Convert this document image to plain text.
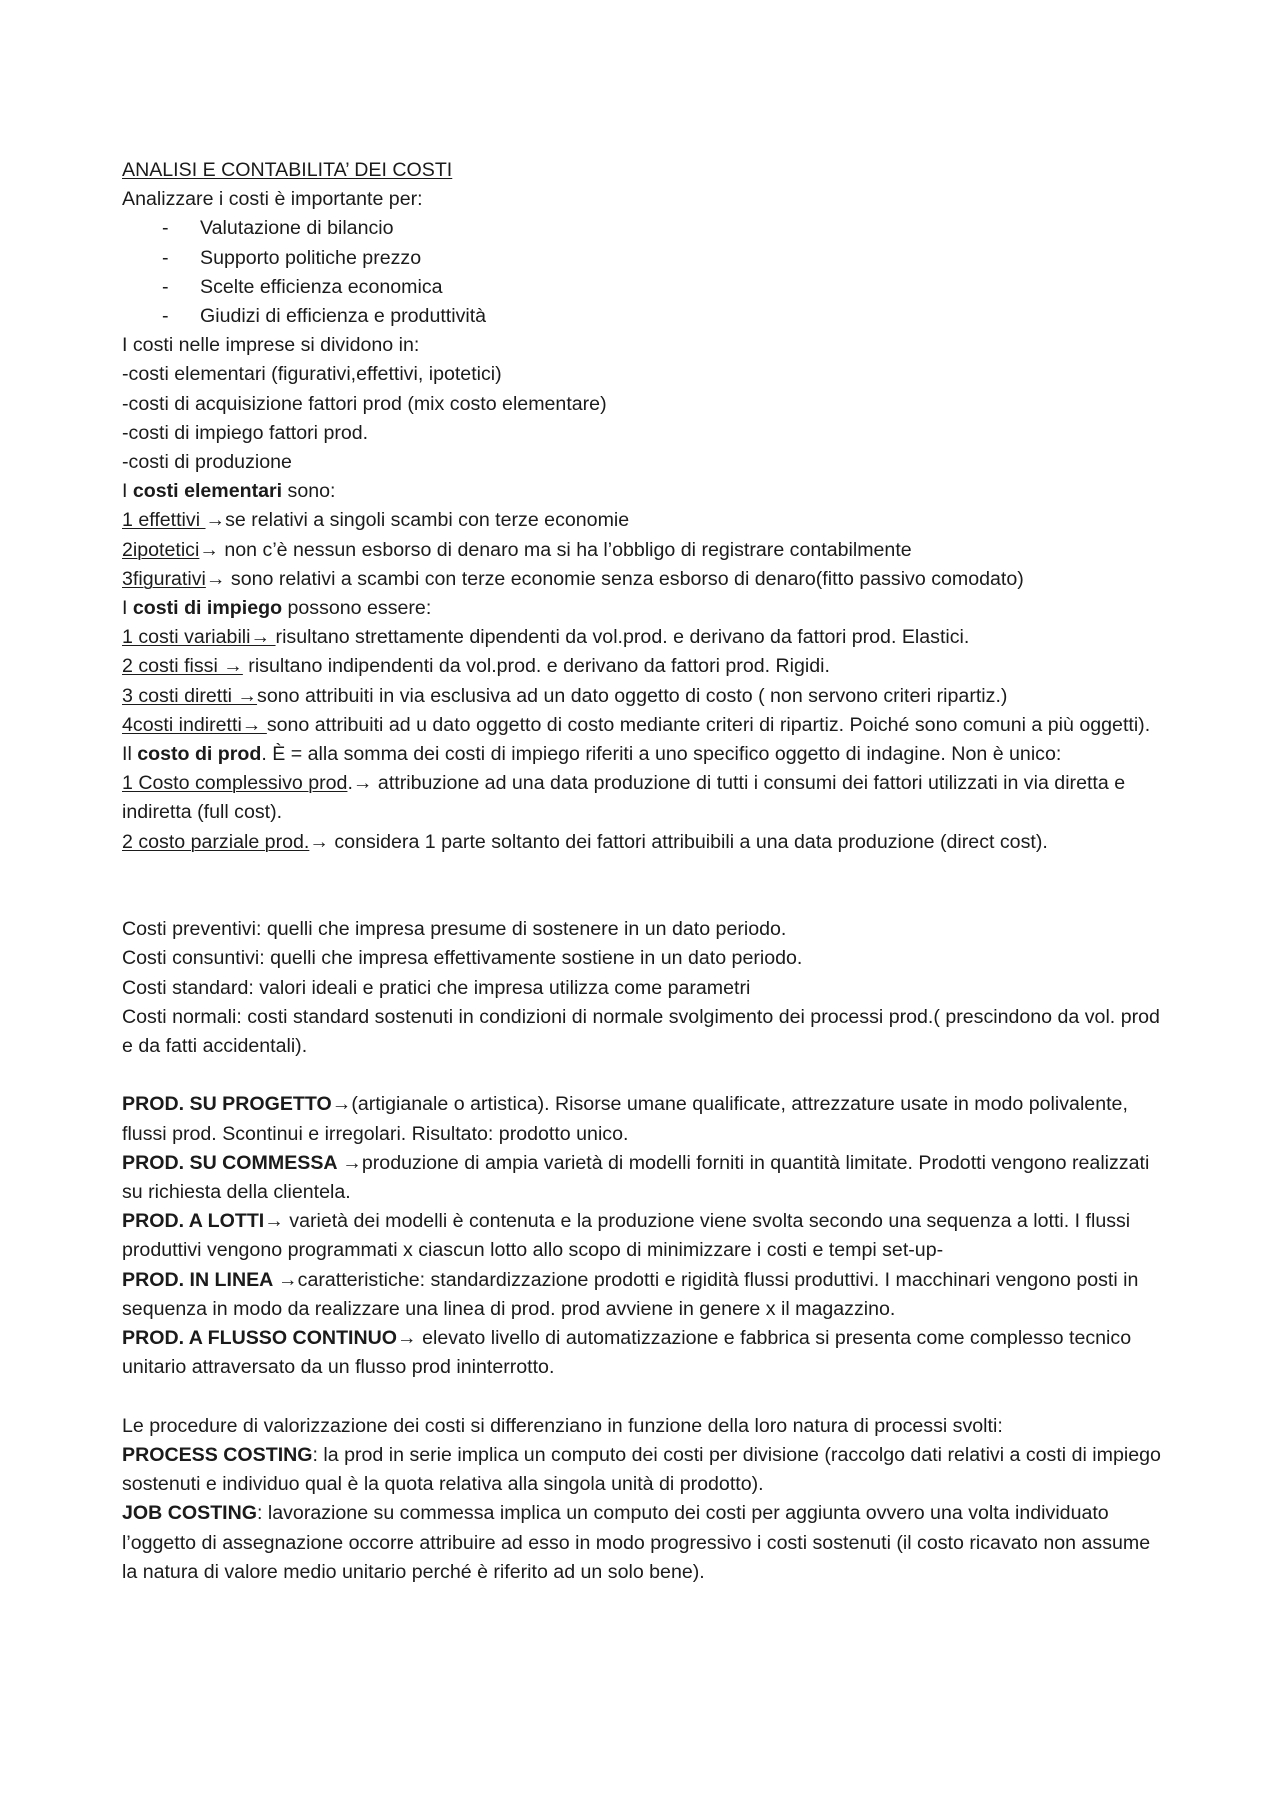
ANALISI E CONTABILITA’ DEI COSTI

Analizzare i costi è importante per:

- Valutazione di bilancio
- Supporto politiche prezzo
- Scelte efficienza economica
- Giudizi di efficienza e produttività

I costi nelle imprese si dividono in:

-costi elementari (figurativi,effettivi, ipotetici)

-costi di acquisizione fattori prod (mix costo elementare)

-costi di impiego fattori prod.

-costi di produzione

I costi elementari sono:

1 effettivi →se relativi a singoli scambi con terze economie

2ipotetici→ non c’è nessun esborso di denaro ma si ha l’obbligo di registrare contabilmente

3figurativi→ sono relativi a scambi con terze economie senza esborso di denaro(fitto passivo comodato)

I costi di impiego possono essere:

1 costi variabili→ risultano strettamente dipendenti da vol.prod. e derivano da fattori prod. Elastici.

2 costi fissi → risultano indipendenti da vol.prod. e derivano da fattori prod. Rigidi.

3 costi diretti →sono attribuiti in via esclusiva ad un dato oggetto di costo ( non servono criteri ripartiz.)

4costi indiretti→ sono attribuiti ad u dato oggetto di costo mediante criteri di ripartiz. Poiché sono comuni a più oggetti).

Il costo di prod. È = alla somma dei costi di impiego riferiti a uno specifico oggetto di indagine. Non è unico:

1 Costo complessivo prod.→ attribuzione ad una data produzione di tutti i consumi dei fattori utilizzati in via diretta e indiretta (full cost).

2 costo parziale prod.→ considera 1 parte soltanto dei fattori attribuibili a una data produzione (direct cost).

Costi preventivi: quelli che impresa presume di sostenere in un dato periodo.

Costi consuntivi: quelli che impresa effettivamente sostiene in un dato periodo.

Costi standard: valori ideali e pratici che impresa utilizza come parametri

Costi normali: costi standard sostenuti in condizioni di normale svolgimento dei processi prod.( prescindono da vol. prod e da fatti accidentali).

PROD. SU PROGETTO→(artigianale o artistica). Risorse umane qualificate, attrezzature usate in modo polivalente, flussi prod. Scontinui e irregolari. Risultato: prodotto unico.

PROD. SU COMMESSA →produzione di ampia varietà di modelli forniti in quantità limitate. Prodotti vengono realizzati su richiesta della clientela.

PROD. A LOTTI→ varietà dei modelli è contenuta e la produzione viene svolta secondo una sequenza a lotti. I flussi produttivi vengono programmati x ciascun lotto allo scopo di minimizzare i costi e tempi set-up-

PROD. IN LINEA →caratteristiche: standardizzazione prodotti e rigidità flussi produttivi. I macchinari vengono posti in sequenza in modo da realizzare una linea di prod. prod avviene in genere x il magazzino.

PROD. A FLUSSO CONTINUO→ elevato livello di automatizzazione e fabbrica si presenta come complesso tecnico unitario attraversato da un flusso prod ininterrotto.

Le procedure di valorizzazione dei costi si differenziano in funzione della loro natura di processi svolti:

PROCESS COSTING: la prod in serie implica un computo dei costi per divisione (raccolgo dati relativi a costi di impiego sostenuti e individuo qual è la quota relativa alla singola unità di prodotto).

JOB COSTING: lavorazione su commessa implica un computo dei costi per aggiunta ovvero una volta individuato l’oggetto di assegnazione occorre attribuire ad esso in modo progressivo i costi sostenuti (il costo ricavato non assume la natura di valore medio unitario perché è riferito ad un solo bene).
